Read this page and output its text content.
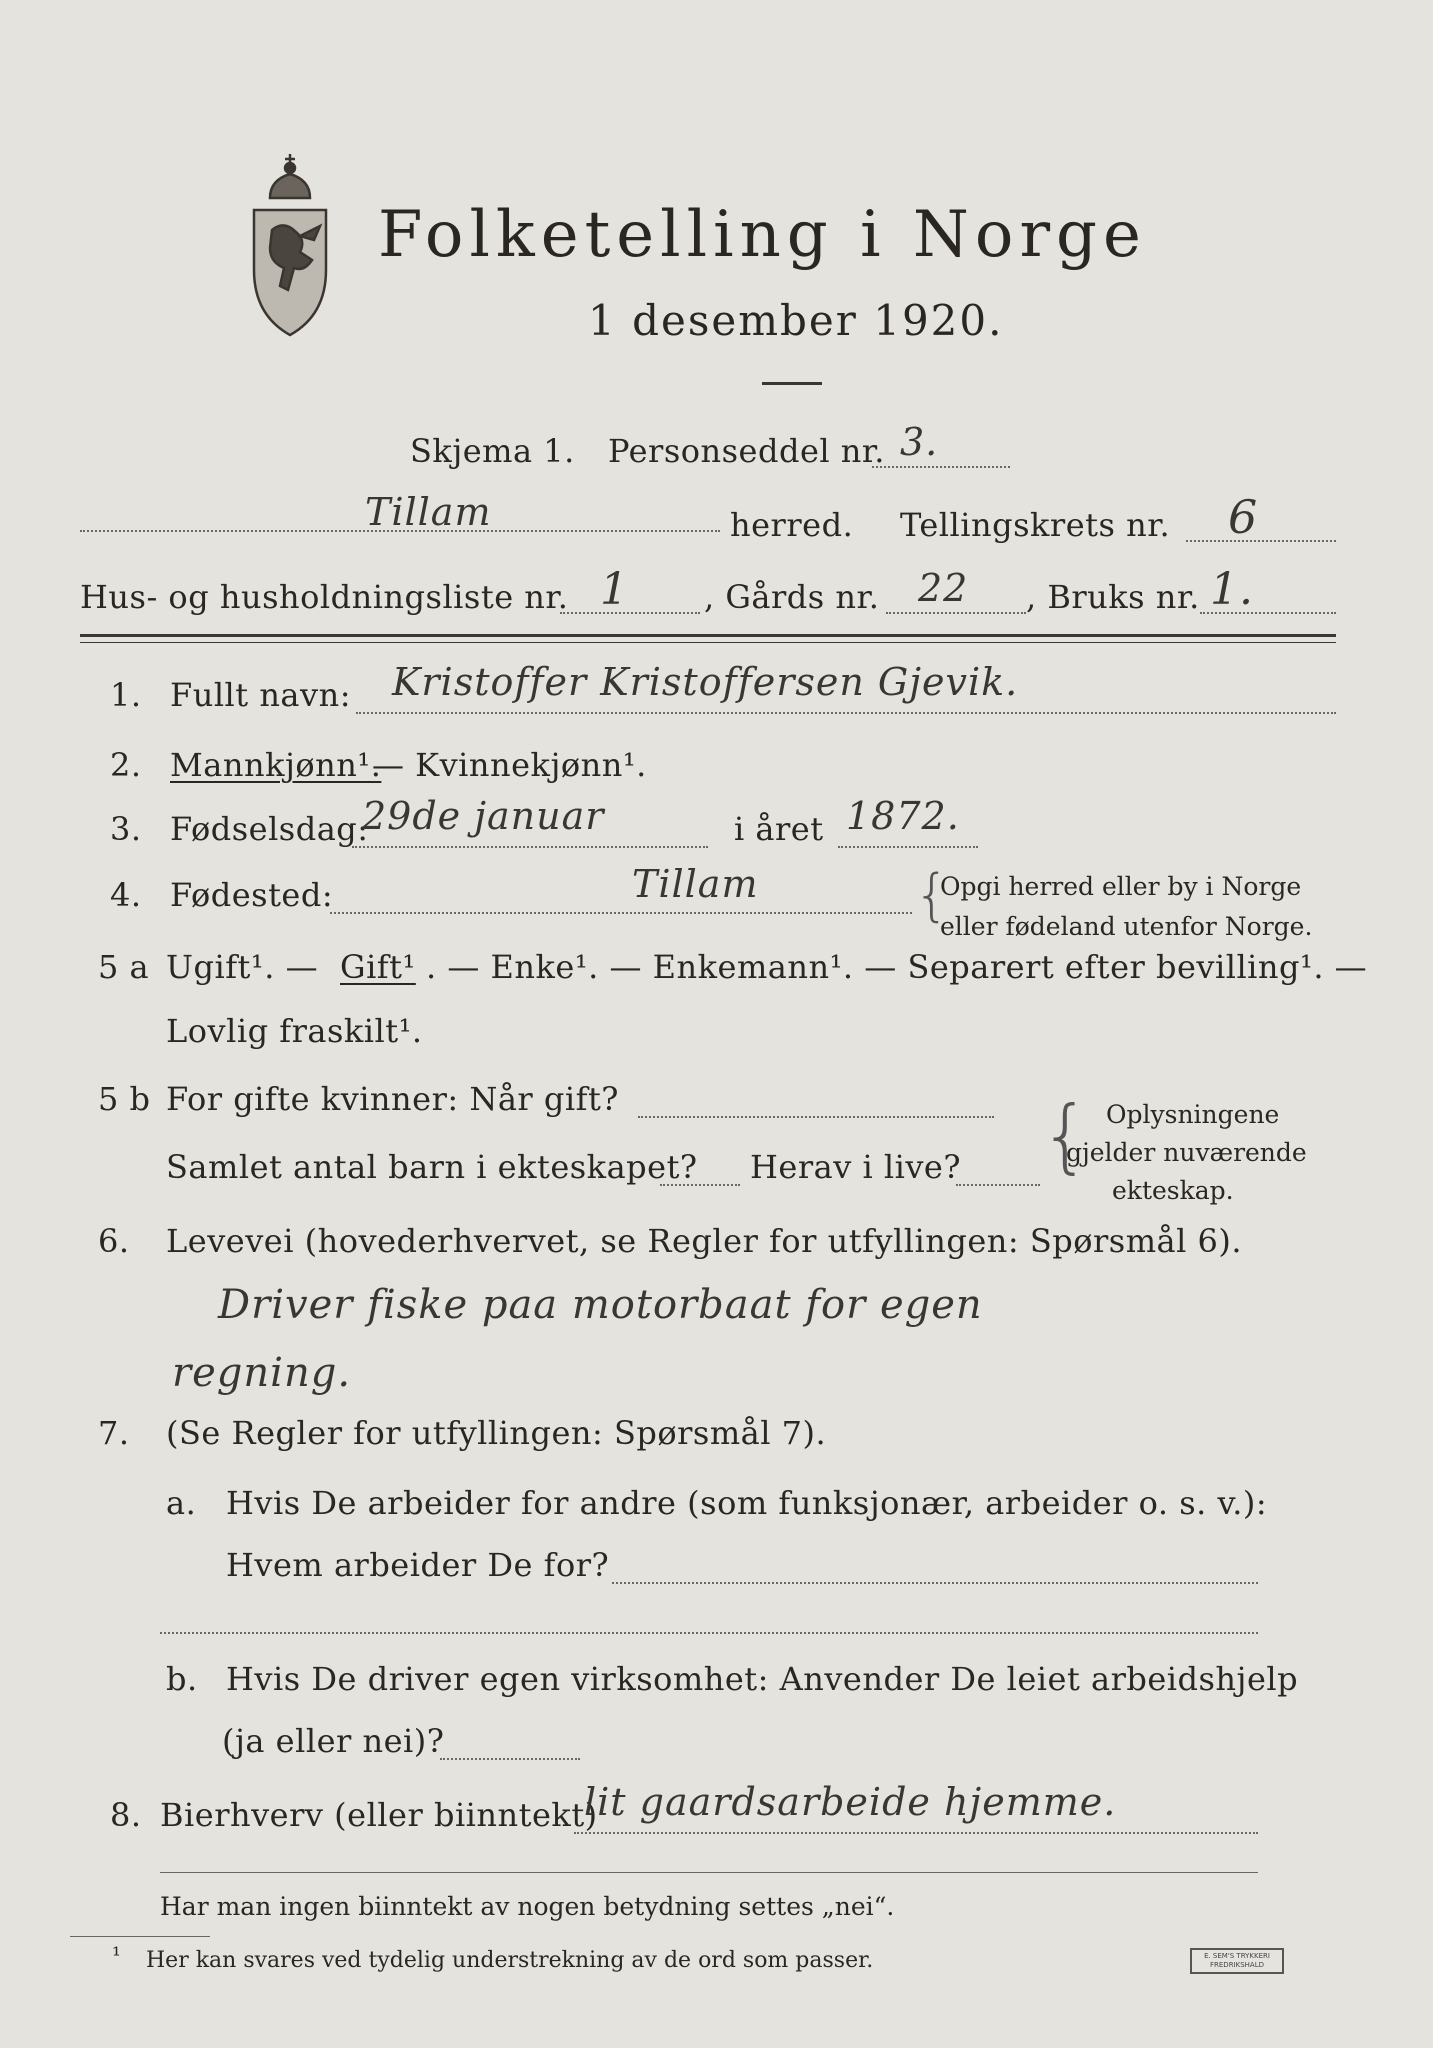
Folketelling i Norge
1 desember 1920.
Skjema 1. Personseddel nr. 3.
Tillam	herred. Tellingskrets nr. 6
Hus- og husholdningsliste nr. 1 , Gårds nr. 22 , Bruks nr. 1.
1. Fullt navn: Kristoffer Kristoffersen Gjevik.
2. Mannkjønn¹.
— Kvinnekjønn¹.
3. Fødselsdag:
29de januar	i året 1872.
4. Fødested:	Tillam	{
Opgi herred eller by i Norge
eller fødeland utenfor Norge.
5 a Ugift¹. — Gift¹ . — Enke¹. — Enkemann¹. — Separert efter bevilling¹. —
Lovlig fraskilt¹.
5 b For gifte kvinner: Når gift?
Samlet antal barn i ekteskapet? Herav i live? { Oplysningene
gjelder nuværende
ekteskap.
6. Levevei (hovederhvervet, se Regler for utfyllingen: Spørsmål 6).
Driver fiske paa motorbaat for egen
regning.
7. (Se Regler for utfyllingen: Spørsmål 7).
a. Hvis De arbeider for andre (som funksjonær, arbeider o. s. v.):
Hvem arbeider De for?
b. Hvis De driver egen virksomhet: Anvender De leiet arbeidshjelp
(ja eller nei)?
8. Bierhverv (eller biinntekt)
lit gaardsarbeide hjemme.
Har man ingen biinntekt av nogen betydning settes „nei“.
¹ Her kan svares ved tydelig understrekning av de ord som passer.	E. SEM'S TRYKKERI
FREDRIKSHALD
